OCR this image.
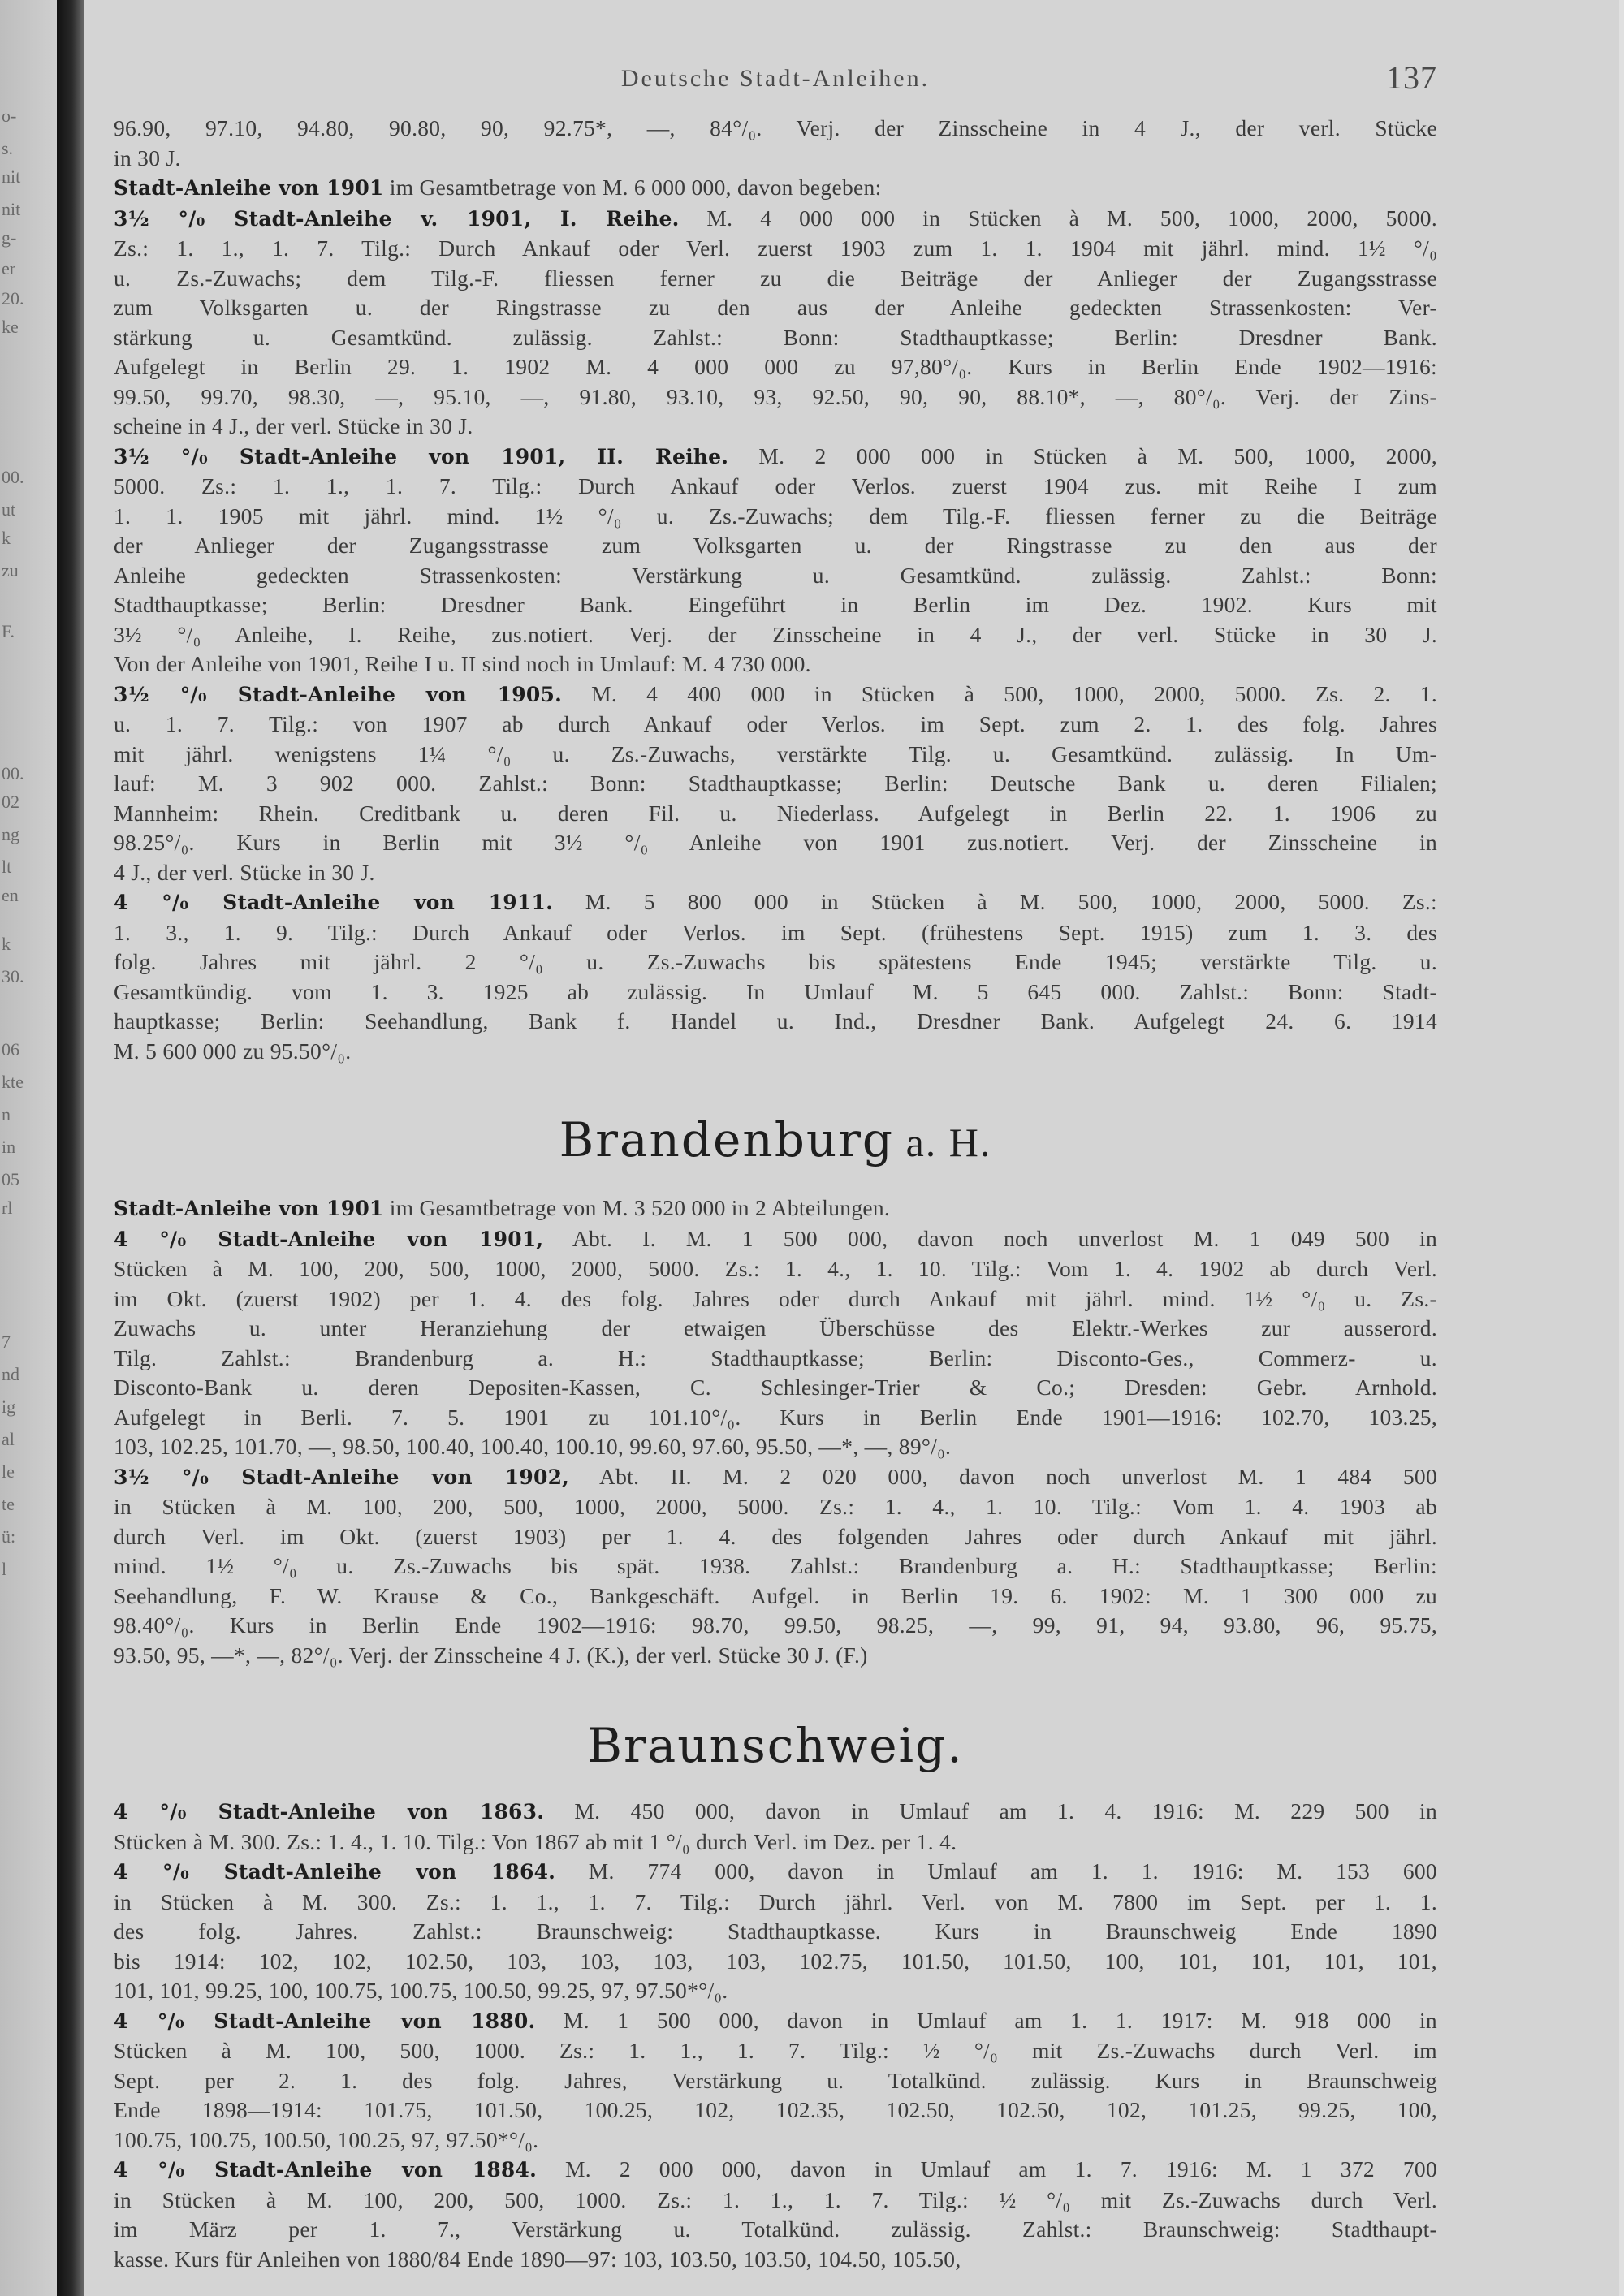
o-
s.
nit
nit
g-
er
20.
ke
00.
ut
k
zu
F.
00.
02
ng
lt
en
k
30.
06
kte
n
in
05
rl
7
nd
ig
al
le
te
ü:
l
Deutsche Stadt-Anleihen.	137
96.90, 97.10, 94.80, 90.80, 90, 92.75*, —, 84°/₀. Verj. der Zinsscheine in 4 J., der verl. Stücke
in 30 J.
Stadt-Anleihe von 1901 im Gesamtbetrage von M. 6 000 000, davon begeben:
3½ °/₀ Stadt-Anleihe v. 1901, I. Reihe. M. 4 000 000 in Stücken à M. 500, 1000, 2000, 5000.
Zs.: 1. 1., 1. 7. Tilg.: Durch Ankauf oder Verl. zuerst 1903 zum 1. 1. 1904 mit jährl. mind. 1½ °/₀
u. Zs.-Zuwachs; dem Tilg.-F. fliessen ferner zu die Beiträge der Anlieger der Zugangsstrasse
zum Volksgarten u. der Ringstrasse zu den aus der Anleihe gedeckten Strassenkosten: Ver-
stärkung u. Gesamtkünd. zulässig. Zahlst.: Bonn: Stadthauptkasse; Berlin: Dresdner Bank.
Aufgelegt in Berlin 29. 1. 1902 M. 4 000 000 zu 97,80°/₀. Kurs in Berlin Ende 1902—1916:
99.50, 99.70, 98.30, —, 95.10, —, 91.80, 93.10, 93, 92.50, 90, 90, 88.10*, —, 80°/₀. Verj. der Zins-
scheine in 4 J., der verl. Stücke in 30 J.
3½ °/₀ Stadt-Anleihe von 1901, II. Reihe. M. 2 000 000 in Stücken à M. 500, 1000, 2000,
5000. Zs.: 1. 1., 1. 7. Tilg.: Durch Ankauf oder Verlos. zuerst 1904 zus. mit Reihe I zum
1. 1. 1905 mit jährl. mind. 1½ °/₀ u. Zs.-Zuwachs; dem Tilg.-F. fliessen ferner zu die Beiträge
der Anlieger der Zugangsstrasse zum Volksgarten u. der Ringstrasse zu den aus der
Anleihe gedeckten Strassenkosten: Verstärkung u. Gesamtkünd. zulässig. Zahlst.: Bonn:
Stadthauptkasse; Berlin: Dresdner Bank. Eingeführt in Berlin im Dez. 1902. Kurs mit
3½ °/₀ Anleihe, I. Reihe, zus.notiert. Verj. der Zinsscheine in 4 J., der verl. Stücke in 30 J.
Von der Anleihe von 1901, Reihe I u. II sind noch in Umlauf: M. 4 730 000.
3½ °/₀ Stadt-Anleihe von 1905. M. 4 400 000 in Stücken à 500, 1000, 2000, 5000. Zs. 2. 1.
u. 1. 7. Tilg.: von 1907 ab durch Ankauf oder Verlos. im Sept. zum 2. 1. des folg. Jahres
mit jährl. wenigstens 1¼ °/₀ u. Zs.-Zuwachs, verstärkte Tilg. u. Gesamtkünd. zulässig. In Um-
lauf: M. 3 902 000. Zahlst.: Bonn: Stadthauptkasse; Berlin: Deutsche Bank u. deren Filialen;
Mannheim: Rhein. Creditbank u. deren Fil. u. Niederlass. Aufgelegt in Berlin 22. 1. 1906 zu
98.25°/₀. Kurs in Berlin mit 3½ °/₀ Anleihe von 1901 zus.notiert. Verj. der Zinsscheine in
4 J., der verl. Stücke in 30 J.
4 °/₀ Stadt-Anleihe von 1911. M. 5 800 000 in Stücken à M. 500, 1000, 2000, 5000. Zs.:
1. 3., 1. 9. Tilg.: Durch Ankauf oder Verlos. im Sept. (frühestens Sept. 1915) zum 1. 3. des
folg. Jahres mit jährl. 2 °/₀ u. Zs.-Zuwachs bis spätestens Ende 1945; verstärkte Tilg. u.
Gesamtkündig. vom 1. 3. 1925 ab zulässig. In Umlauf M. 5 645 000. Zahlst.: Bonn: Stadt-
hauptkasse; Berlin: Seehandlung, Bank f. Handel u. Ind., Dresdner Bank. Aufgelegt 24. 6. 1914
M. 5 600 000 zu 95.50°/₀.
Brandenburg a. H.
Stadt-Anleihe von 1901 im Gesamtbetrage von M. 3 520 000 in 2 Abteilungen.
4 °/₀ Stadt-Anleihe von 1901, Abt. I. M. 1 500 000, davon noch unverlost M. 1 049 500 in
Stücken à M. 100, 200, 500, 1000, 2000, 5000. Zs.: 1. 4., 1. 10. Tilg.: Vom 1. 4. 1902 ab durch Verl.
im Okt. (zuerst 1902) per 1. 4. des folg. Jahres oder durch Ankauf mit jährl. mind. 1½ °/₀ u. Zs.-
Zuwachs u. unter Heranziehung der etwaigen Überschüsse des Elektr.-Werkes zur ausserord.
Tilg. Zahlst.: Brandenburg a. H.: Stadthauptkasse; Berlin: Disconto-Ges., Commerz- u.
Disconto-Bank u. deren Depositen-Kassen, C. Schlesinger-Trier & Co.; Dresden: Gebr. Arnhold.
Aufgelegt in Berli. 7. 5. 1901 zu 101.10°/₀. Kurs in Berlin Ende 1901—1916: 102.70, 103.25,
103, 102.25, 101.70, —, 98.50, 100.40, 100.40, 100.10, 99.60, 97.60, 95.50, —*, —, 89°/₀.
3½ °/₀ Stadt-Anleihe von 1902, Abt. II. M. 2 020 000, davon noch unverlost M. 1 484 500
in Stücken à M. 100, 200, 500, 1000, 2000, 5000. Zs.: 1. 4., 1. 10. Tilg.: Vom 1. 4. 1903 ab
durch Verl. im Okt. (zuerst 1903) per 1. 4. des folgenden Jahres oder durch Ankauf mit jährl.
mind. 1½ °/₀ u. Zs.-Zuwachs bis spät. 1938. Zahlst.: Brandenburg a. H.: Stadthauptkasse; Berlin:
Seehandlung, F. W. Krause & Co., Bankgeschäft. Aufgel. in Berlin 19. 6. 1902: M. 1 300 000 zu
98.40°/₀. Kurs in Berlin Ende 1902—1916: 98.70, 99.50, 98.25, —, 99, 91, 94, 93.80, 96, 95.75,
93.50, 95, —*, —, 82°/₀. Verj. der Zinsscheine 4 J. (K.), der verl. Stücke 30 J. (F.)
Braunschweig.
4 °/₀ Stadt-Anleihe von 1863. M. 450 000, davon in Umlauf am 1. 4. 1916: M. 229 500 in
Stücken à M. 300. Zs.: 1. 4., 1. 10. Tilg.: Von 1867 ab mit 1 °/₀ durch Verl. im Dez. per 1. 4.
4 °/₀ Stadt-Anleihe von 1864. M. 774 000, davon in Umlauf am 1. 1. 1916: M. 153 600
in Stücken à M. 300. Zs.: 1. 1., 1. 7. Tilg.: Durch jährl. Verl. von M. 7800 im Sept. per 1. 1.
des folg. Jahres. Zahlst.: Braunschweig: Stadthauptkasse. Kurs in Braunschweig Ende 1890
bis 1914: 102, 102, 102.50, 103, 103, 103, 103, 102.75, 101.50, 101.50, 100, 101, 101, 101, 101,
101, 101, 99.25, 100, 100.75, 100.75, 100.50, 99.25, 97, 97.50*°/₀.
4 °/₀ Stadt-Anleihe von 1880. M. 1 500 000, davon in Umlauf am 1. 1. 1917: M. 918 000 in
Stücken à M. 100, 500, 1000. Zs.: 1. 1., 1. 7. Tilg.: ½ °/₀ mit Zs.-Zuwachs durch Verl. im
Sept. per 2. 1. des folg. Jahres, Verstärkung u. Totalkünd. zulässig. Kurs in Braunschweig
Ende 1898—1914: 101.75, 101.50, 100.25, 102, 102.35, 102.50, 102.50, 102, 101.25, 99.25, 100,
100.75, 100.75, 100.50, 100.25, 97, 97.50*°/₀.
4 °/₀ Stadt-Anleihe von 1884. M. 2 000 000, davon in Umlauf am 1. 7. 1916: M. 1 372 700
in Stücken à M. 100, 200, 500, 1000. Zs.: 1. 1., 1. 7. Tilg.: ½ °/₀ mit Zs.-Zuwachs durch Verl.
im März per 1. 7., Verstärkung u. Totalkünd. zulässig. Zahlst.: Braunschweig: Stadthaupt-
kasse. Kurs für Anleihen von 1880/84 Ende 1890—97: 103, 103.50, 103.50, 104.50, 105.50,
